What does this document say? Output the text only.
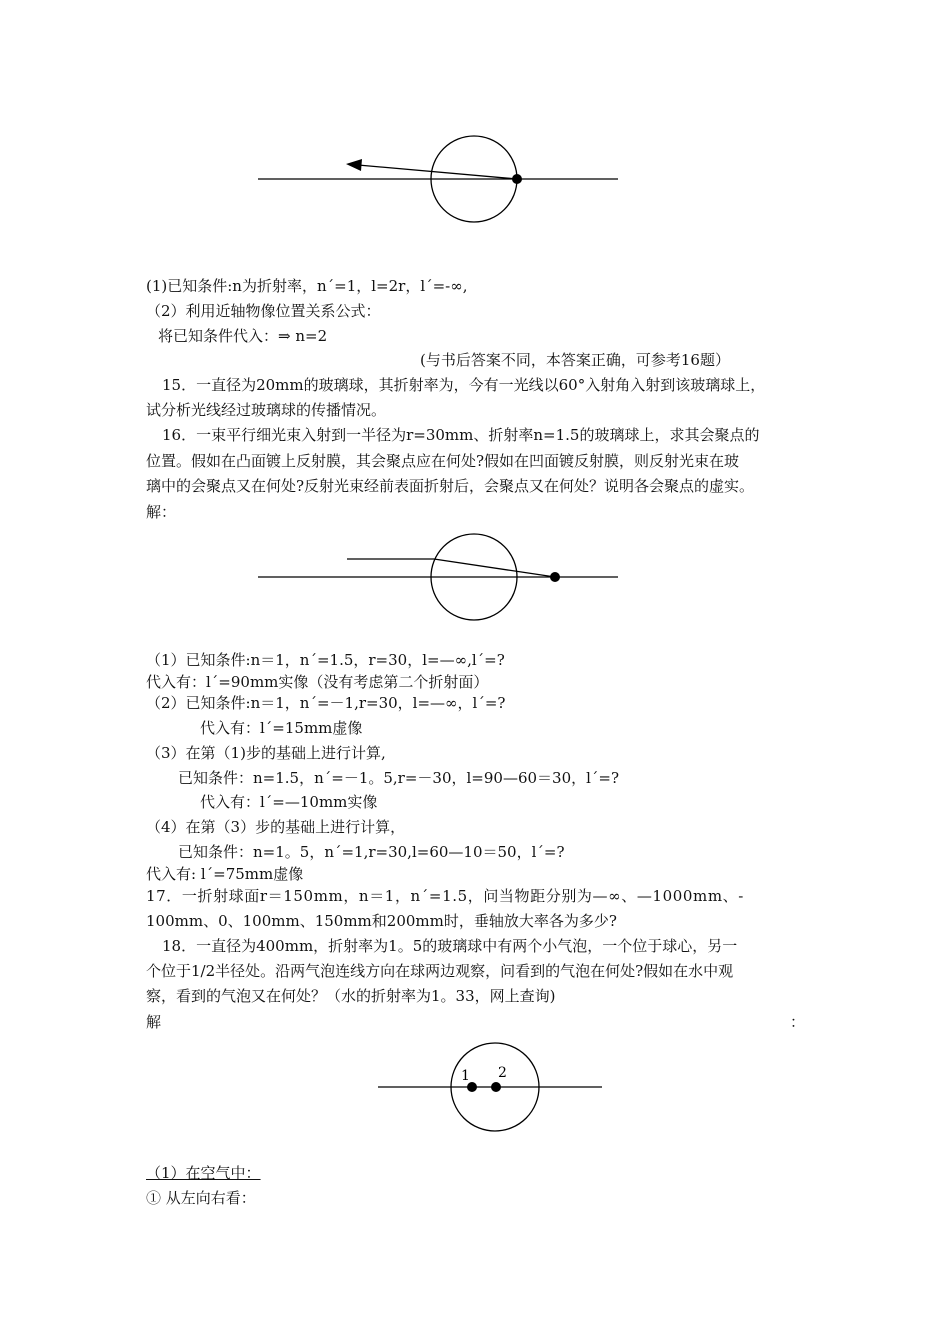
(1)已知条件:n为折射率，nˊ=1，l=2r，lˊ=-∞,
（2）利用近轴物像位置关系公式：
将已知条件代入：⇒ n=2
(与书后答案不同，本答案正确，可参考16题）
15．一直径为20mm的玻璃球，其折射率为，今有一光线以60°入射角入射到该玻璃球上，
试分析光线经过玻璃球的传播情况。
16．一束平行细光束入射到一半径为r=30mm、折射率n=1.5的玻璃球上，求其会聚点的
位置。假如在凸面镀上反射膜，其会聚点应在何处?假如在凹面镀反射膜，则反射光束在玻
璃中的会聚点又在何处?反射光束经前表面折射后，会聚点又在何处？说明各会聚点的虚实。
解：
（1）已知条件:n＝1，nˊ=1.5，r=30，l=—∞,lˊ=?
代入有：lˊ=90mm实像（没有考虑第二个折射面）
（2）已知条件:n＝1，nˊ=－1,r=30，l=—∞，lˊ=?
代入有：lˊ=15mm虚像
（3）在第（1)步的基础上进行计算,
已知条件：n=1.5，nˊ=－1。5,r=－30，l=90—60＝30，lˊ=?
代入有：lˊ=—10mm实像
（4）在第（3）步的基础上进行计算，
已知条件：n=1。5，nˊ=1,r=30,l=60—10＝50，lˊ=?
代入有: lˊ=75mm虚像
17．一折射球面r＝150mm，n＝1，nˊ=1.5，问当物距分别为—∞、—1000mm、-
100mm、0、100mm、150mm和200mm时，垂轴放大率各为多少?
18．一直径为400mm，折射率为1。5的玻璃球中有两个小气泡，一个位于球心，另一
个位于1/2半径处。沿两气泡连线方向在球两边观察，问看到的气泡在何处?假如在水中观
察，看到的气泡又在何处？（水的折射率为1。33，网上查询)
解	：
1 2
（1）在空气中：
① 从左向右看：
